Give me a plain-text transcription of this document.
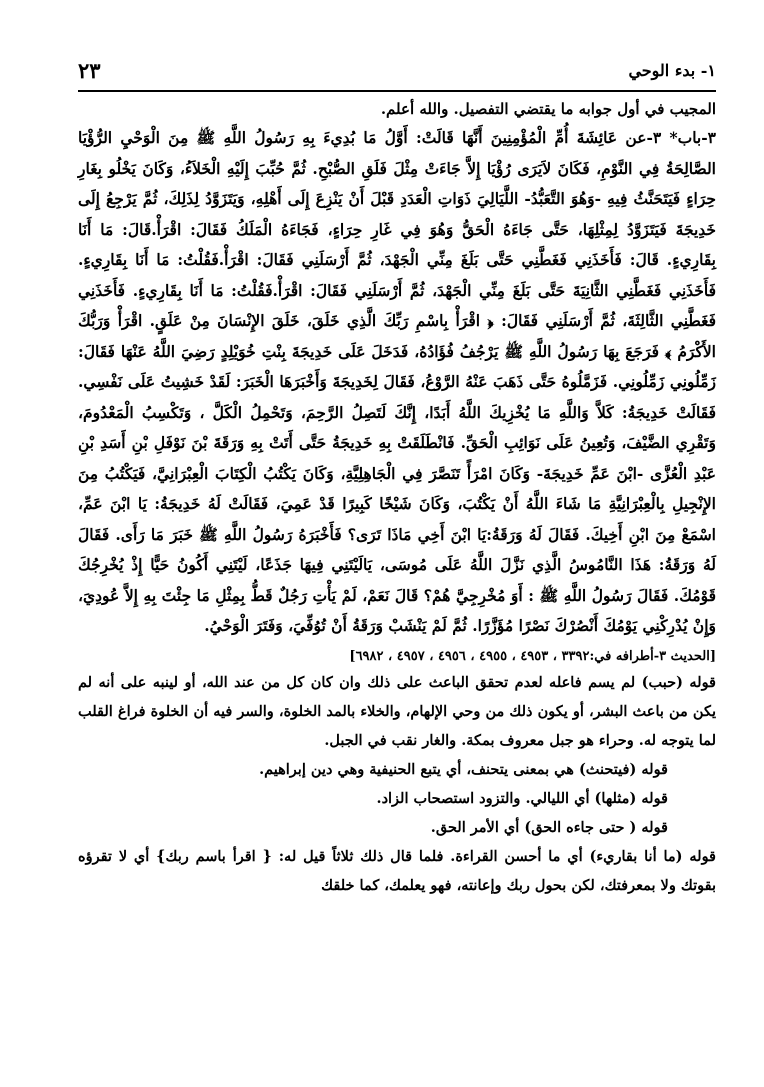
٢٣	١- بدء الوحي

المجيب في أول جوابه ما يقتضي التفصيل. والله أعلم.

٣-باب* ٣-عن عَائِشَةَ أُمِّ الْمُؤْمِنِينَ أَنَّهَا قَالَتْ: أَوَّلُ مَا بُدِيءَ بِهِ رَسُولُ اللَّهِ ﷺ مِنَ الْوَحْيِ الرُّؤْيَا الصَّالِحَةُ فِي النَّوْمِ، فَكَانَ لاَيَرَى رُؤْيَا إِلاَّ جَاءَتْ مِثْلَ فَلَقِ الصُّبْحِ. ثُمَّ حُبِّبَ إِلَيْهِ الْخَلاَءُ، وَكَانَ يَخْلُو بِغَارِ حِرَاءٍ فَيَتَحَنَّثُ فِيهِ -وَهُوَ التَّعَبُّدُ- اللَّيَالِيَ ذَوَاتِ الْعَدَدِ قَبْلَ أَنْ يَنْزِعَ إِلَى أَهْلِهِ، وَيَتَزَوَّدُ لِذَلِكَ، ثُمَّ يَرْجِعُ إِلَى خَدِيجَةَ فَيَتَزَوَّدُ لِمِثْلِهَا، حَتَّى جَاءَهُ الْحَقُّ وَهُوَ فِي غَارِ حِرَاءٍ، فَجَاءَهُ الْمَلَكُ فَقَالَ: اقْرَأْ.قَالَ: مَا أَنَا بِقَارِيءٍ. قَالَ: فَأَخَذَنِي فَغَطَّنِي حَتَّى بَلَغَ مِنِّي الْجَهْدَ، ثُمَّ أَرْسَلَنِي فَقَالَ: اقْرَأْ.فَقُلْتُ: مَا أَنَا بِقَارِيءٍ. فَأَخَذَنِي فَغَطَّنِي الثَّانِيَةَ حَتَّى بَلَغَ مِنِّي الْجَهْدَ، ثُمَّ أَرْسَلَنِي فَقَالَ: اقْرَأْ.فَقُلْتُ: مَا أَنَا بِقَارِيءٍ. فَأَخَذَنِي فَغَطَّنِي الثَّالِثَةَ، ثُمَّ أَرْسَلَنِي فَقَالَ: ﴿ اقْرَأْ بِاسْمِ رَبِّكَ الَّذِي خَلَقَ، خَلَقَ الإِنْسَانَ مِنْ عَلَقٍ. اقْرَأْ وَرَبُّكَ الأَكْرَمُ ﴾ فَرَجَعَ بِهَا رَسُولُ اللَّهِ ﷺ يَرْجُفُ فُؤَادُهُ، فَدَخَلَ عَلَى خَدِيجَةَ بِنْتِ خُوَيْلِدٍ رَضِيَ اللَّهُ عَنْهَا فَقَالَ: زَمِّلُونِي زَمِّلُونِي. فَزَمَّلُوهُ حَتَّى ذَهَبَ عَنْهُ الرَّوْعُ، فَقَالَ لِخَدِيجَةَ وَأَخْبَرَهَا الْخَبَرَ: لَقَدْ خَشِيتُ عَلَى نَفْسِي. فَقَالَتْ خَدِيجَةُ: كَلاَّ وَاللَّهِ مَا يُخْزِيكَ اللَّهُ أَبَدًا، إِنَّكَ لَتَصِلُ الرَّحِمَ، وَتَحْمِلُ الْكَلَّ ، وَتَكْسِبُ الْمَعْدُومَ، وَتَقْرِي الضَّيْفَ، وَتُعِينُ عَلَى نَوَائِبِ الْحَقِّ. فَانْطَلَقَتْ بِهِ خَدِيجَةُ حَتَّى أَتَتْ بِهِ وَرَقَةَ بْنَ نَوْفَلِ بْنِ أَسَدِ بْنِ عَبْدِ الْعُزَّى -ابْنَ عَمِّ خَدِيجَةَ- وَكَانَ امْرَأً تَنَصَّرَ فِي الْجَاهِلِيَّةِ، وَكَانَ يَكْتُبُ الْكِتَابَ الْعِبْرَانِيَّ، فَيَكْتُبُ مِنَ الإِنْجِيلِ بِالْعِبْرَانِيَّةِ مَا شَاءَ اللَّهُ أَنْ يَكْتُبَ، وَكَانَ شَيْخًا كَبِيرًا قَدْ عَمِيَ، فَقَالَتْ لَهُ خَدِيجَةُ: يَا ابْنَ عَمِّ، اسْمَعْ مِنَ ابْنِ أَخِيكَ. فَقَالَ لَهُ وَرَقَةُ:يَا ابْنَ أَخِي مَاذَا تَرَى؟ فَأَخْبَرَهُ رَسُولُ اللَّهِ ﷺ خَبَرَ مَا رَأَى. فَقَالَ لَهُ وَرَقَةُ: هَذَا النَّامُوسُ الَّذِي نَزَّلَ اللَّهُ عَلَى مُوسَى، يَالَيْتَنِي فِيهَا جَذَعًا، لَيْتَنِي أَكُونُ حَيًّا إِذْ يُخْرِجُكَ قَوْمُكَ. فَقَالَ رَسُولُ اللَّهِ ﷺ : أَوَ مُخْرِجِيَّ هُمْ؟ قَالَ نَعَمْ، لَمْ يَأْتِ رَجُلٌ قَطُّ بِمِثْلِ مَا جِئْتَ بِهِ إِلاَّ عُودِيَ، وَإِنْ يُدْرِكْنِي يَوْمُكَ أَنْصُرْكَ نَصْرًا مُؤَزَّرًا. ثُمَّ لَمْ يَنْشَبْ وَرَقَةُ أَنْ تُوُفِّيَ، وَفَتَرَ الْوَحْيُ.

[الحديث ٣-أطرافه في:٣٣٩٢ ، ٤٩٥٣ ، ٤٩٥٥ ، ٤٩٥٦ ، ٤٩٥٧ ، ٦٩٨٢]

قوله (حبب) لم يسم فاعله لعدم تحقق الباعث على ذلك وان كان كل من عند الله، أو لينبه على أنه لم يكن من باعث البشر، أو يكون ذلك من وحي الإلهام، والخلاء بالمد الخلوة، والسر فيه أن الخلوة فراغ القلب لما يتوجه له. وحراء هو جبل معروف بمكة. والغار نقب في الجبل.

قوله (فيتحنث) هي بمعنى يتحنف، أي يتبع الحنيفية وهي دين إبراهيم.

قوله (مثلها) أي الليالي. والتزود استصحاب الزاد.

قوله ( حتى جاءه الحق) أي الأمر الحق.

قوله (ما أنا بقاريء) أي ما أحسن القراءة. فلما قال ذلك ثلاثاً قيل له: { اقرأ باسم ربك} أي لا تقرؤه بقوتك ولا بمعرفتك، لكن بحول ربك وإعانته، فهو يعلمك، كما خلقك
